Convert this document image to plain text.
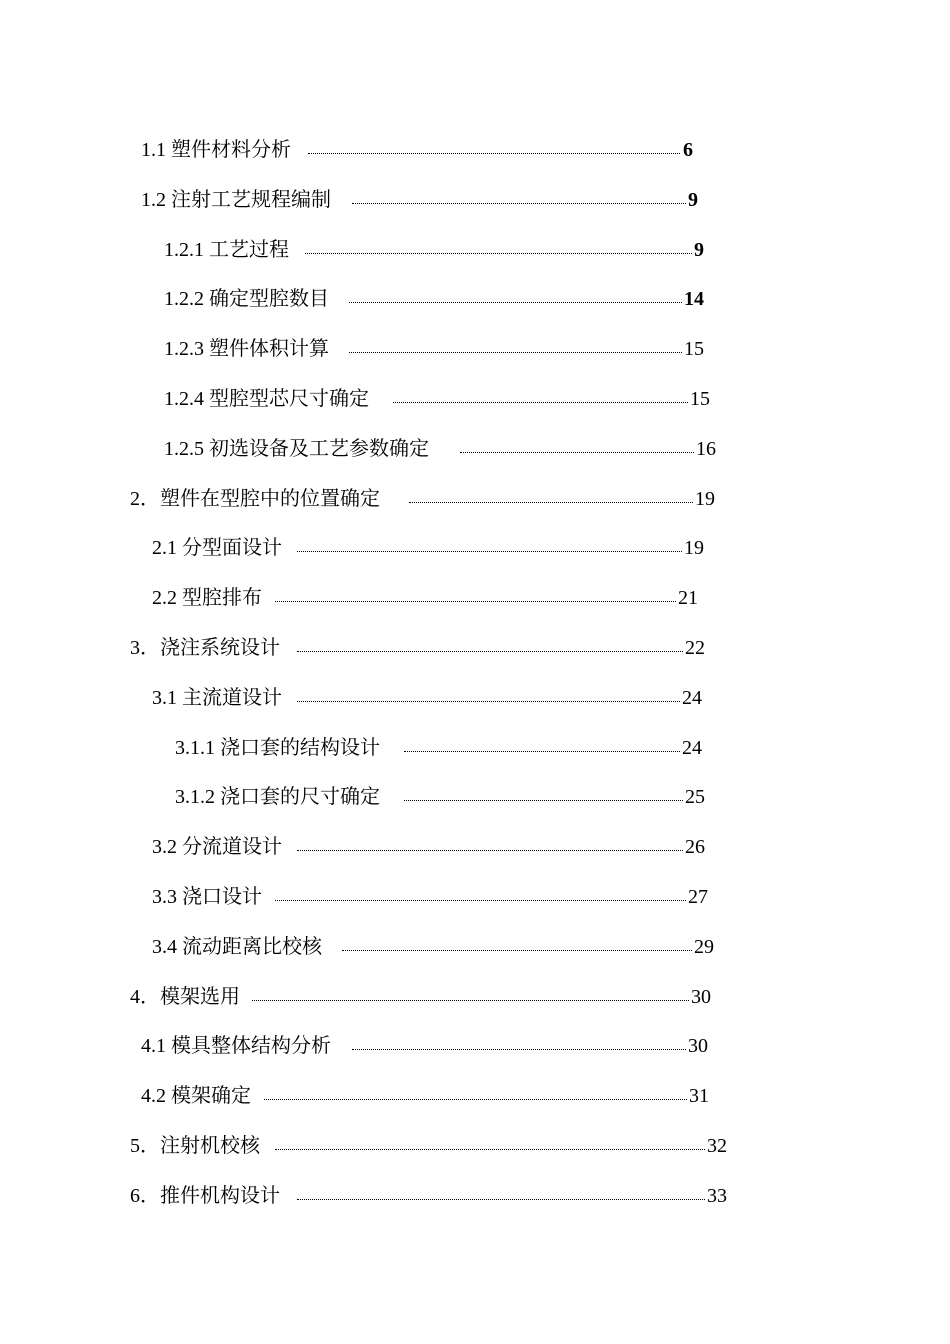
1.1 塑件材料分析	6
1.2 注射工艺规程编制	9
1.2.1 工艺过程	9
1.2.2 确定型腔数目	14
1.2.3 塑件体积计算	15
1.2.4 型腔型芯尺寸确定	15
1.2.5 初选设备及工艺参数确定	16
2．塑件在型腔中的位置确定	19
2.1 分型面设计	19
2.2 型腔排布	21
3．浇注系统设计	22
3.1 主流道设计	24
3.1.1 浇口套的结构设计	24
3.1.2 浇口套的尺寸确定	25
3.2 分流道设计	26
3.3 浇口设计	27
3.4 流动距离比校核	29
4．模架选用	30
4.1 模具整体结构分析	30
4.2 模架确定	31
5．注射机校核	32
6．推件机构设计	33
